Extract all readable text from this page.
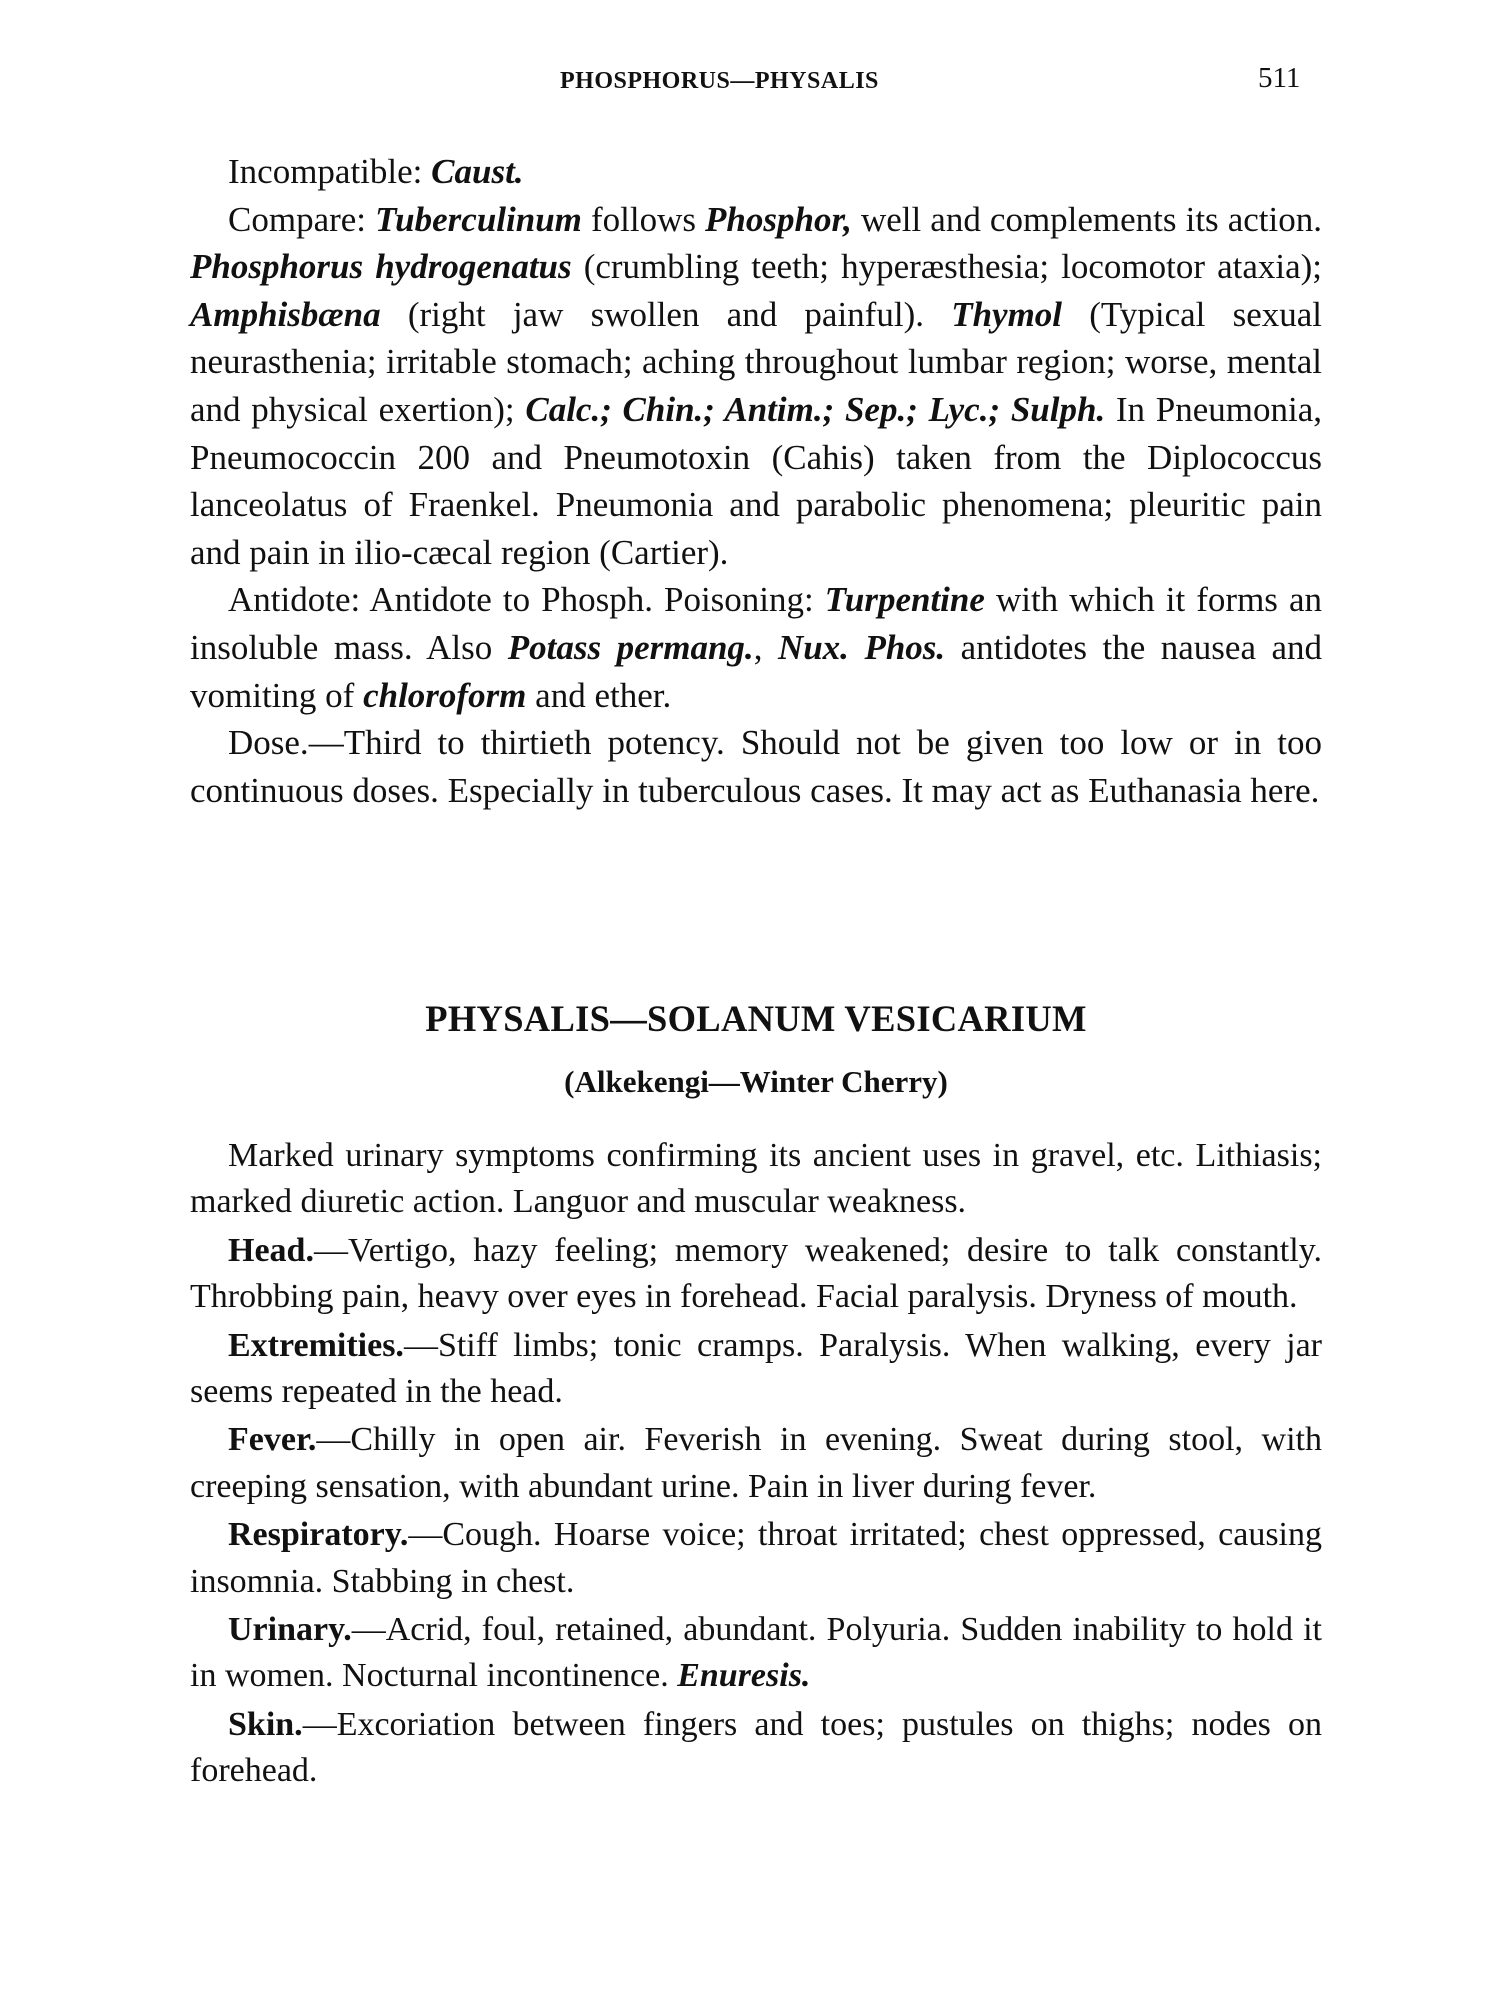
PHOSPHORUS—PHYSALIS	511

Incompatible: Caust.

Compare: Tuberculinum follows Phosphor, well and complements its action. Phosphorus hydrogenatus (crumbling teeth; hyperæsthesia; locomotor ataxia); Amphisbæna (right jaw swollen and painful). Thymol (Typical sexual neurasthenia; irritable stomach; aching throughout lumbar region; worse, mental and physical exertion); Calc.; Chin.; Antim.; Sep.; Lyc.; Sulph. In Pneumonia, Pneumococcin 200 and Pneumotoxin (Cahis) taken from the Diplococcus lanceolatus of Fraenkel. Pneumonia and parabolic phenomena; pleuritic pain and pain in ilio-cæcal region (Cartier).

Antidote: Antidote to Phosph. Poisoning: Turpentine with which it forms an insoluble mass. Also Potass permang., Nux. Phos. antidotes the nausea and vomiting of chloroform and ether.

Dose.—Third to thirtieth potency. Should not be given too low or in too continuous doses. Especially in tuberculous cases. It may act as Euthanasia here.

PHYSALIS—SOLANUM VESICARIUM
(Alkekengi—Winter Cherry)

Marked urinary symptoms confirming its ancient uses in gravel, etc. Lithiasis; marked diuretic action. Languor and muscular weakness.

Head.—Vertigo, hazy feeling; memory weakened; desire to talk constantly. Throbbing pain, heavy over eyes in forehead. Facial paralysis. Dryness of mouth.

Extremities.—Stiff limbs; tonic cramps. Paralysis. When walking, every jar seems repeated in the head.

Fever.—Chilly in open air. Feverish in evening. Sweat during stool, with creeping sensation, with abundant urine. Pain in liver during fever.

Respiratory.—Cough. Hoarse voice; throat irritated; chest oppressed, causing insomnia. Stabbing in chest.

Urinary.—Acrid, foul, retained, abundant. Polyuria. Sudden inability to hold it in women. Nocturnal incontinence. Enuresis.

Skin.—Excoriation between fingers and toes; pustules on thighs; nodes on forehead.
